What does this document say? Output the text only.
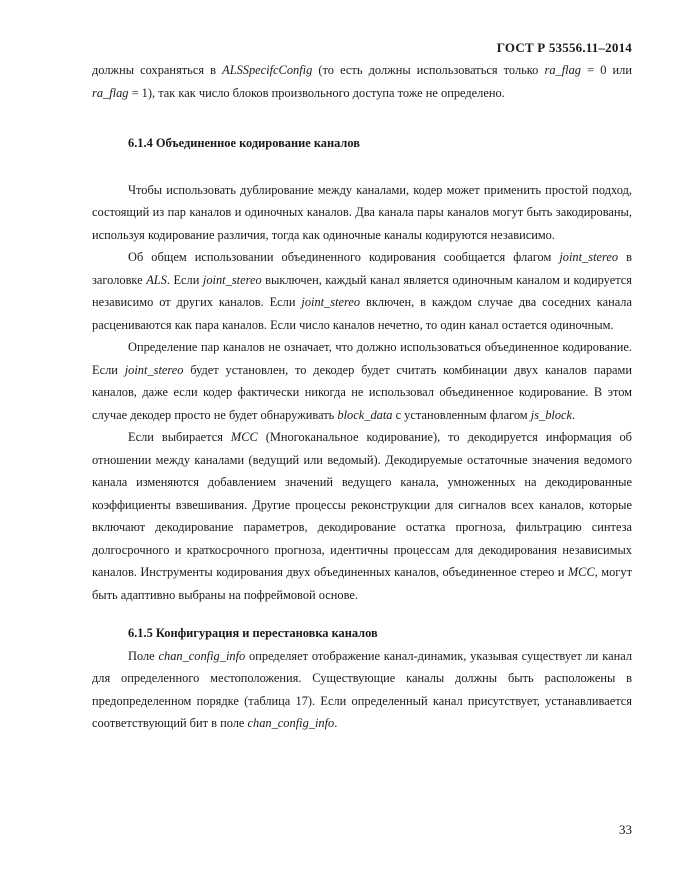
ГОСТ Р 53556.11–2014

должны сохраняться в ALSSpecifcConfig (то есть должны использоваться только ra_flag = 0 или ra_flag = 1), так как число блоков произвольного доступа тоже не определено.

6.1.4 Объединенное кодирование каналов

Чтобы использовать дублирование между каналами, кодер может применить простой подход, состоящий из пар каналов и одиночных каналов. Два канала пары каналов могут быть закодированы, используя кодирование различия, тогда как одиночные каналы кодируются независимо.

Об общем использовании объединенного кодирования сообщается флагом joint_stereo в заголовке ALS. Если joint_stereo выключен, каждый канал является одиночным каналом и кодируется независимо от других каналов. Если joint_stereo включен, в каждом случае два соседних канала расцениваются как пара каналов. Если число каналов нечетно, то один канал остается одиночным.

Определение пар каналов не означает, что должно использоваться объединенное кодирование. Если joint_stereo будет установлен, то декодер будет считать комбинации двух каналов парами каналов, даже если кодер фактически никогда не использовал объединенное кодирование. В этом случае декодер просто не будет обнаруживать block_data с установленным флагом js_block.

Если выбирается MCC (Многоканальное кодирование), то декодируется информация об отношении между каналами (ведущий или ведомый). Декодируемые остаточные значения ведомого канала изменяются добавлением значений ведущего канала, умноженных на декодированные коэффициенты взвешивания. Другие процессы реконструкции для сигналов всех каналов, которые включают декодирование параметров, декодирование остатка прогноза, фильтрацию синтеза долгосрочного и краткосрочного прогноза, идентичны процессам для декодирования независимых каналов. Инструменты кодирования двух объединенных каналов, объединенное стерео и MCC, могут быть адаптивно выбраны на пофреймовой основе.

6.1.5 Конфигурация и перестановка каналов

Поле chan_config_info определяет отображение канал-динамик, указывая существует ли канал для определенного местоположения. Существующие каналы должны быть расположены в предопределенном порядке (таблица 17). Если определенный канал присутствует, устанавливается соответствующий бит в поле chan_config_info.

33
